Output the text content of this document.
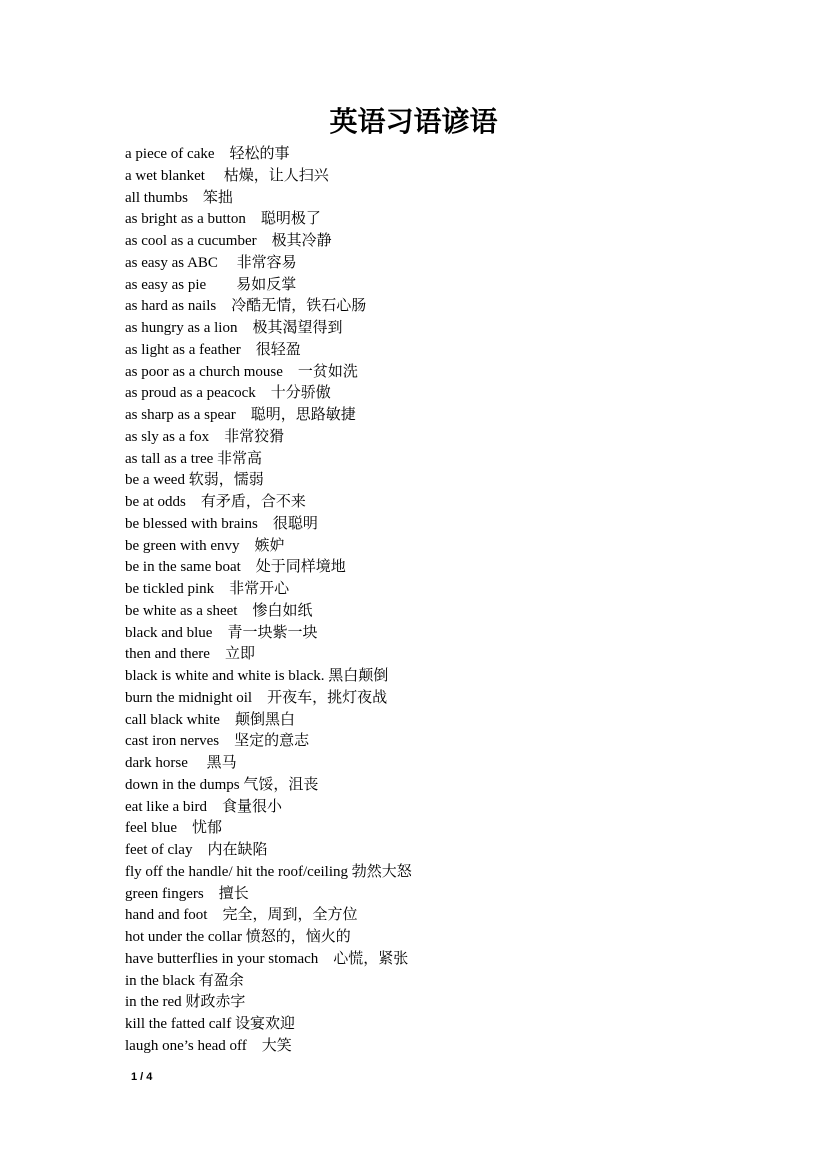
英语习语谚语
a piece of cake　轻松的事
a wet blanket　 枯燥，让人扫兴
all thumbs　笨拙
as bright as a button　聪明极了
as cool as a cucumber　极其冷静
as easy as ABC　 非常容易
as easy as pie　　易如反掌
as hard as nails　冷酷无情，铁石心肠
as hungry as a lion　极其渴望得到
as light as a feather　很轻盈
as poor as a church mouse　一贫如洗
as proud as a peacock　十分骄傲
as sharp as a spear　聪明，思路敏捷
as sly as a fox　非常狡猾
as tall as a tree 非常高
be a weed 软弱，懦弱
be at odds　有矛盾，合不来
be blessed with brains　很聪明
be green with envy　嫉妒
be in the same boat　处于同样境地
be tickled pink　非常开心
be white as a sheet　惨白如纸
black and blue　青一块紫一块
then and there　立即
black is white and white is black. 黑白颠倒
burn the midnight oil　开夜车，挑灯夜战
call black white　颠倒黑白
cast iron nerves　坚定的意志
dark horse　 黑马
down in the dumps 气馁，沮丧
eat like a bird　食量很小
feel blue　忧郁
feet of clay　内在缺陷
fly off the handle/ hit the roof/ceiling 勃然大怒
green fingers　擅长
hand and foot　完全，周到，全方位
hot under the collar 愤怒的，恼火的
have butterflies in your stomach　心慌，紧张
in the black 有盈余
in the red 财政赤字
kill the fatted calf 设宴欢迎
laugh one’s head off　大笑
1 / 4
